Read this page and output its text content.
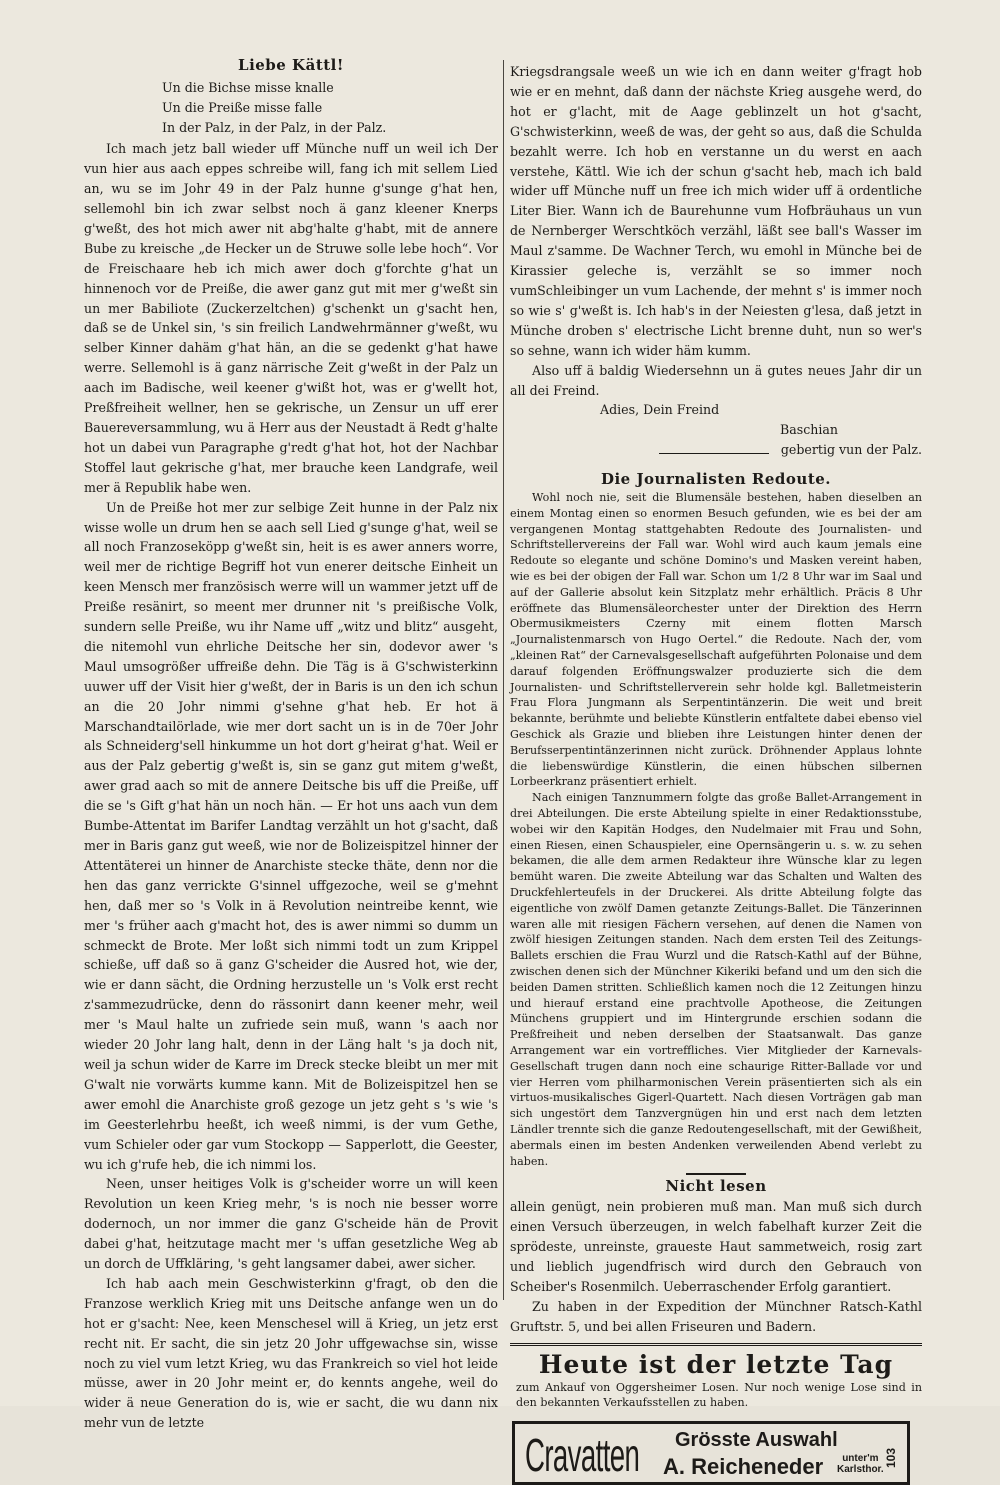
Liebe Kättl!
Un die Bichse misse knalle
Un die Preiße misse falle
In der Palz, in der Palz, in der Palz.

Ich mach jetz ball wieder uff Münche nuff un weil ich Der vun hier aus aach eppes schreibe will, fang ich mit sellem Lied an, wu se im Johr 49 in der Palz hunne g'sunge g'hat hen, sellemohl bin ich zwar selbst noch ä ganz kleener Knerps g'weßt, des hot mich awer nit abg'halte g'habt, mit de annere Bube zu kreische „de Hecker un de Struwe solle lebe hoch“. Vor de Freischaare heb ich mich awer doch g'forchte g'hat un hinnenoch vor de Preiße, die awer ganz gut mit mer g'weßt sin un mer Babiliote (Zuckerzeltchen) g'schenkt un g'sacht hen, daß se de Unkel sin, 's sin freilich Landwehrmänner g'weßt, wu selber Kinner dahäm g'hat hän, an die se gedenkt g'hat hawe werre. Sellemohl is ä ganz närrische Zeit g'weßt in der Palz un aach im Badische, weil keener g'wißt hot, was er g'wellt hot, Preßfreiheit wellner, hen se gekrische, un Zensur un uff erer Bauereversammlung, wu ä Herr aus der Neustadt ä Redt g'halte hot un dabei vun Paragraphe g'redt g'hat hot, hot der Nachbar Stoffel laut gekrische g'hat, mer brauche keen Landgrafe, weil mer ä Republik habe wen.

Un de Preiße hot mer zur selbige Zeit hunne in der Palz nix wisse wolle un drum hen se aach sell Lied g'sunge g'hat, weil se all noch Franzoseköpp g'weßt sin, heit is es awer anners worre, weil mer de richtige Begriff hot vun enerer deitsche Einheit un keen Mensch mer französisch werre will un wammer jetzt uff de Preiße resänirt, so meent mer drunner nit 's preißische Volk, sundern selle Preiße, wu ihr Name uff „witz und blitz“ ausgeht, die nitemohl vun ehrliche Deitsche her sin, dodevor awer 's Maul umsogrößer uffreiße dehn. Die Täg is ä G'schwisterkinn uuwer uff der Visit hier g'weßt, der in Baris is un den ich schun an die 20 Johr nimmi g'sehne g'hat heb. Er hot ä Marschandtailörlade, wie mer dort sacht un is in de 70er Johr als Schneiderg'sell hinkumme un hot dort g'heirat g'hat. Weil er aus der Palz gebertig g'weßt is, sin se ganz gut mitem g'weßt, awer grad aach so mit de annere Deitsche bis uff die Preiße, uff die se 's Gift g'hat hän un noch hän. — Er hot uns aach vun dem Bumbe-Attentat im Barifer Landtag verzählt un hot g'sacht, daß mer in Baris ganz gut weeß, wie nor de Bolizeispitzel hinner der Attentäterei un hinner de Anarchiste stecke thäte, denn nor die hen das ganz verrickte G'sinnel uffgezoche, weil se g'mehnt hen, daß mer so 's Volk in ä Revolution neintreibe kennt, wie mer 's früher aach g'macht hot, des is awer nimmi so dumm un schmeckt de Brote. Mer loßt sich nimmi todt un zum Krippel schieße, uff daß so ä ganz G'scheider die Ausred hot, wie der, wie er dann sächt, die Ordning herzustelle un 's Volk erst recht z'sammezudrücke, denn do rässonirt dann keener mehr, weil mer 's Maul halte un zufriede sein muß, wann 's aach nor wieder 20 Johr lang halt, denn in der Läng halt 's ja doch nit, weil ja schun wider de Karre im Dreck stecke bleibt un mer mit G'walt nie vorwärts kumme kann. Mit de Bolizeispitzel hen se awer emohl die Anarchiste groß gezoge un jetz geht s 's wie 's im Geesterlehrbu heeßt, ich weeß nimmi, is der vum Gethe, vum Schieler oder gar vum Stockopp — Sapperlott, die Geester, wu ich g'rufe heb, die ich nimmi los.

Neen, unser heitiges Volk is g'scheider worre un will keen Revolution un keen Krieg mehr, 's is noch nie besser worre dodernoch, un nor immer die ganz G'scheide hän de Provit dabei g'hat, heitzutage macht mer 's uffan gesetzliche Weg ab un dorch de Uffkläring, 's geht langsamer dabei, awer sicher.

Ich hab aach mein Geschwisterkinn g'fragt, ob den die Franzose werklich Krieg mit uns Deitsche anfange wen un do hot er g'sacht: Nee, keen Menschesel will ä Krieg, un jetz erst recht nit. Er sacht, die sin jetz 20 Johr uffgewachse sin, wisse noch zu viel vum letzt Krieg, wu das Frankreich so viel hot leide müsse, awer in 20 Johr meint er, do kennts angehe, weil do wider ä neue Generation do is, wie er sacht, die wu dann nix mehr vun de letzte

Kriegsdrangsale weeß un wie ich en dann weiter g'fragt hob wie er en mehnt, daß dann der nächste Krieg ausgehe werd, do hot er g'lacht, mit de Aage geblinzelt un hot g'sacht, G'schwisterkinn, weeß de was, der geht so aus, daß die Schulda bezahlt werre. Ich hob en verstanne un du werst en aach verstehe, Kättl. Wie ich der schun g'sacht heb, mach ich bald wider uff Münche nuff un free ich mich wider uff ä ordentliche Liter Bier. Wann ich de Baurehunne vum Hofbräuhaus un vun de Nernberger Werschtköch verzähl, läßt see ball's Wasser im Maul z'samme. De Wachner Terch, wu emohl in Münche bei de Kirassier geleche is, verzählt se so immer noch vumSchleibinger un vum Lachende, der mehnt s' is immer noch so wie s' g'weßt is. Ich hab's in der Neiesten g'lesa, daß jetzt in Münche droben s' electrische Licht brenne duht, nun so wer's so sehne, wann ich wider häm kumm.

Also uff ä baldig Wiedersehnn un ä gutes neues Jahr dir un all dei Freind.

Adies, Dein Freind

Baschian
gebertig vun der Palz.
Die Journalisten Redoute.

Wohl noch nie, seit die Blumensäle bestehen, haben dieselben an einem Montag einen so enormen Besuch gefunden, wie es bei der am vergangenen Montag stattgehabten Redoute des Journalisten- und Schriftstellervereins der Fall war. Wohl wird auch kaum jemals eine Redoute so elegante und schöne Domino's und Masken vereint haben, wie es bei der obigen der Fall war. Schon um 1/2 8 Uhr war im Saal und auf der Gallerie absolut kein Sitzplatz mehr erhältlich. Präcis 8 Uhr eröffnete das Blumensäleorchester unter der Direktion des Herrn Obermusikmeisters Czerny mit einem flotten Marsch „Journalistenmarsch von Hugo Oertel.“ die Redoute. Nach der, vom „kleinen Rat“ der Carnevalsgesellschaft aufgeführten Polonaise und dem darauf folgenden Eröffnungswalzer produzierte sich die dem Journalisten- und Schriftstellerverein sehr holde kgl. Balletmeisterin Frau Flora Jungmann als Serpentintänzerin. Die weit und breit bekannte, berühmte und beliebte Künstlerin entfaltete dabei ebenso viel Geschick als Grazie und blieben ihre Leistungen hinter denen der Berufsserpentintänzerinnen nicht zurück. Dröhnender Applaus lohnte die liebenswürdige Künstlerin, die einen hübschen silbernen Lorbeerkranz präsentiert erhielt.

Nach einigen Tanznummern folgte das große Ballet-Arrangement in drei Abteilungen. Die erste Abteilung spielte in einer Redaktionsstube, wobei wir den Kapitän Hodges, den Nudelmaier mit Frau und Sohn, einen Riesen, einen Schauspieler, eine Opernsängerin u. s. w. zu sehen bekamen, die alle dem armen Redakteur ihre Wünsche klar zu legen bemüht waren. Die zweite Abteilung war das Schalten und Walten des Druckfehlerteufels in der Druckerei. Als dritte Abteilung folgte das eigentliche von zwölf Damen getanzte Zeitungs-Ballet. Die Tänzerinnen waren alle mit riesigen Fächern versehen, auf denen die Namen von zwölf hiesigen Zeitungen standen. Nach dem ersten Teil des Zeitungs-Ballets erschien die Frau Wurzl und die Ratsch-Kathl auf der Bühne, zwischen denen sich der Münchner Kikeriki befand und um den sich die beiden Damen stritten. Schließlich kamen noch die 12 Zeitungen hinzu und hierauf erstand eine prachtvolle Apotheose, die Zeitungen Münchens gruppiert und im Hintergrunde erschien sodann die Preßfreiheit und neben derselben der Staatsanwalt. Das ganze Arrangement war ein vortreffliches. Vier Mitglieder der Karnevals-Gesellschaft trugen dann noch eine schaurige Ritter-Ballade vor und vier Herren vom philharmonischen Verein präsentierten sich als ein virtuos-musikalisches Gigerl-Quartett. Nach diesen Vorträgen gab man sich ungestört dem Tanzvergnügen hin und erst nach dem letzten Ländler trennte sich die ganze Redoutengesellschaft, mit der Gewißheit, abermals einen im besten Andenken verweilenden Abend verlebt zu haben.

Nicht lesen

allein genügt, nein probieren muß man. Man muß sich durch einen Versuch überzeugen, in welch fabelhaft kurzer Zeit die sprödeste, unreinste, graueste Haut sammetweich, rosig zart und lieblich jugendfrisch wird durch den Gebrauch von Scheiber's Rosenmilch. Ueberraschender Erfolg garantiert.

Zu haben in der Expedition der Münchner Ratsch-Kathl Gruftstr. 5, und bei allen Friseuren und Badern.

Heute ist der letzte Tag

zum Ankauf von Oggersheimer Losen. Nur noch wenige Lose sind in den bekannten Verkaufsstellen zu haben.

Cravatten Grösste Auswahl
A. Reicheneder	unter'm
Karlsthor.
103
